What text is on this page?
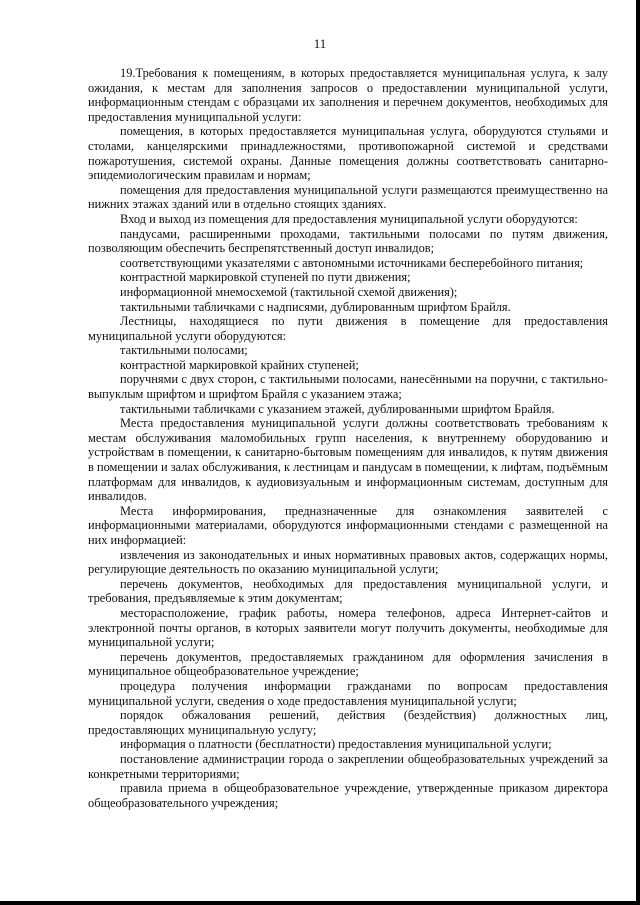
11

19.Требования к помещениям, в которых предоставляется муниципальная услуга, к залу ожидания, к местам для заполнения запросов о предоставлении муниципальной услуги, информационным стендам с образцами их заполнения и перечнем документов, необходимых для предоставления муниципальной услуги:

помещения, в которых предоставляется муниципальная услуга, оборудуются стульями и столами, канцелярскими принадлежностями, противопожарной системой и средствами пожаротушения, системой охраны. Данные помещения должны соответствовать санитарно-эпидемиологическим правилам и нормам;

помещения для предоставления муниципальной услуги размещаются преимущественно на нижних этажах зданий или в отдельно стоящих зданиях.

Вход и выход из помещения для предоставления муниципальной услуги оборудуются:

пандусами, расширенными проходами, тактильными полосами по путям движения, позволяющим обеспечить беспрепятственный доступ инвалидов;

соответствующими указателями с автономными источниками бесперебойного питания;

контрастной маркировкой ступеней по пути движения;

информационной мнемосхемой (тактильной схемой движения);

тактильными табличками с надписями, дублированным шрифтом Брайля.

Лестницы, находящиеся по пути движения в помещение для предоставления муниципальной услуги оборудуются:

тактильными полосами;

контрастной маркировкой крайних ступеней;

поручнями с двух сторон, с тактильными полосами, нанесёнными на поручни, с тактильно-выпуклым шрифтом и шрифтом Брайля с указанием этажа;

тактильными табличками с указанием этажей, дублированными шрифтом Брайля.

Места предоставления муниципальной услуги должны соответствовать требованиям к местам обслуживания маломобильных групп населения, к внутреннему оборудованию и устройствам в помещении, к санитарно-бытовым помещениям для инвалидов, к путям движения в помещении и залах обслуживания, к лестницам и пандусам в помещении, к лифтам, подъёмным платформам для инвалидов, к аудиовизуальным и информационным системам, доступным для инвалидов.

Места информирования, предназначенные для ознакомления заявителей с информационными материалами, оборудуются информационными стендами с размещенной на них информацией:

извлечения из законодательных и иных нормативных правовых актов, содержащих нормы, регулирующие деятельность по оказанию муниципальной услуги;

перечень документов, необходимых для предоставления муниципальной услуги, и требования, предъявляемые к этим документам;

месторасположение, график работы, номера телефонов, адреса Интернет-сайтов и электронной почты органов, в которых заявители могут получить документы, необходимые для муниципальной услуги;

перечень документов, предоставляемых гражданином для оформления зачисления в муниципальное общеобразовательное учреждение;

процедура получения информации гражданами по вопросам предоставления муниципальной услуги, сведения о ходе предоставления муниципальной услуги;

порядок обжалования решений, действия (бездействия) должностных лиц, предоставляющих муниципальную услугу;

информация о платности (бесплатности) предоставления муниципальной услуги;

постановление администрации города о закреплении общеобразовательных учреждений за конкретными территориями;

правила приема в общеобразовательное учреждение, утвержденные приказом директора общеобразовательного учреждения;
